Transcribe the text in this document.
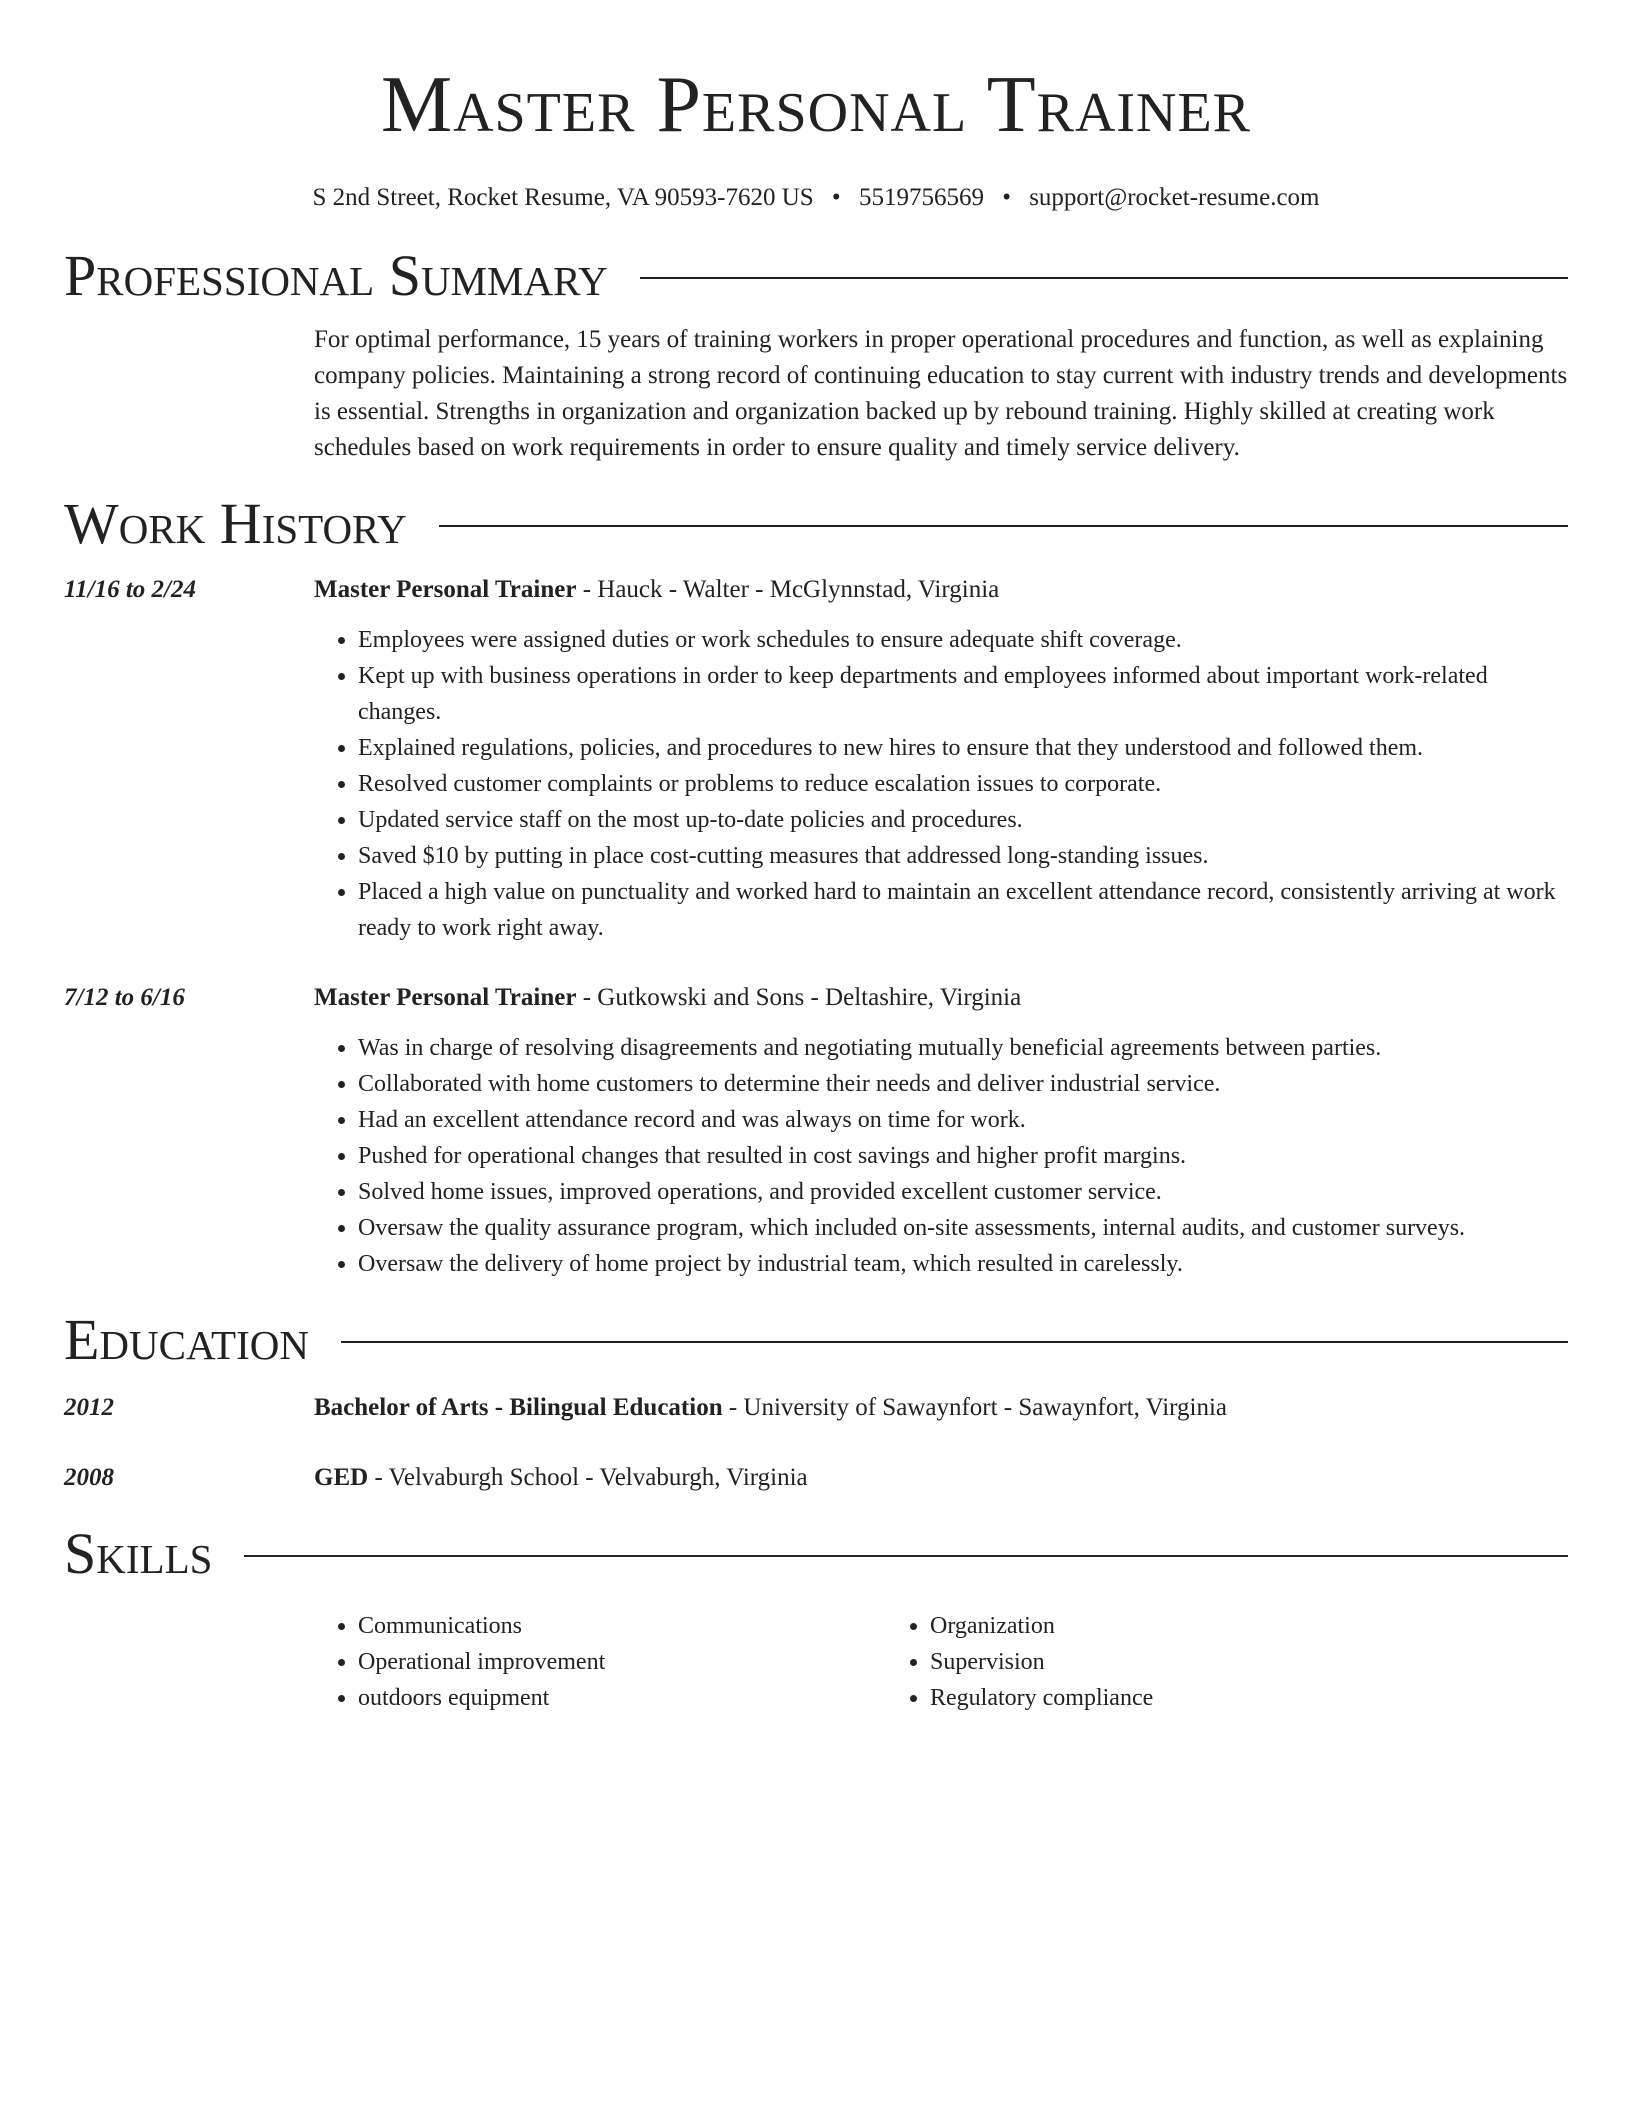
Master Personal Trainer
S 2nd Street, Rocket Resume, VA 90593-7620 US • 5519756569 • support@rocket-resume.com
Professional Summary
For optimal performance, 15 years of training workers in proper operational procedures and function, as well as explaining company policies. Maintaining a strong record of continuing education to stay current with industry trends and developments is essential. Strengths in organization and organization backed up by rebound training. Highly skilled at creating work schedules based on work requirements in order to ensure quality and timely service delivery.
Work History
11/16 to 2/24	Master Personal Trainer - Hauck - Walter - McGlynnstad, Virginia
• Employees were assigned duties or work schedules to ensure adequate shift coverage.
• Kept up with business operations in order to keep departments and employees informed about important work-related changes.
• Explained regulations, policies, and procedures to new hires to ensure that they understood and followed them.
• Resolved customer complaints or problems to reduce escalation issues to corporate.
• Updated service staff on the most up-to-date policies and procedures.
• Saved $10 by putting in place cost-cutting measures that addressed long-standing issues.
• Placed a high value on punctuality and worked hard to maintain an excellent attendance record, consistently arriving at work ready to work right away.
7/12 to 6/16	Master Personal Trainer - Gutkowski and Sons - Deltashire, Virginia
• Was in charge of resolving disagreements and negotiating mutually beneficial agreements between parties.
• Collaborated with home customers to determine their needs and deliver industrial service.
• Had an excellent attendance record and was always on time for work.
• Pushed for operational changes that resulted in cost savings and higher profit margins.
• Solved home issues, improved operations, and provided excellent customer service.
• Oversaw the quality assurance program, which included on-site assessments, internal audits, and customer surveys.
• Oversaw the delivery of home project by industrial team, which resulted in carelessly.
Education
2012	Bachelor of Arts - Bilingual Education - University of Sawaynfort - Sawaynfort, Virginia
2008	GED - Velvaburgh School - Velvaburgh, Virginia
Skills
• Communications
• Operational improvement
• outdoors equipment
• Organization
• Supervision
• Regulatory compliance
